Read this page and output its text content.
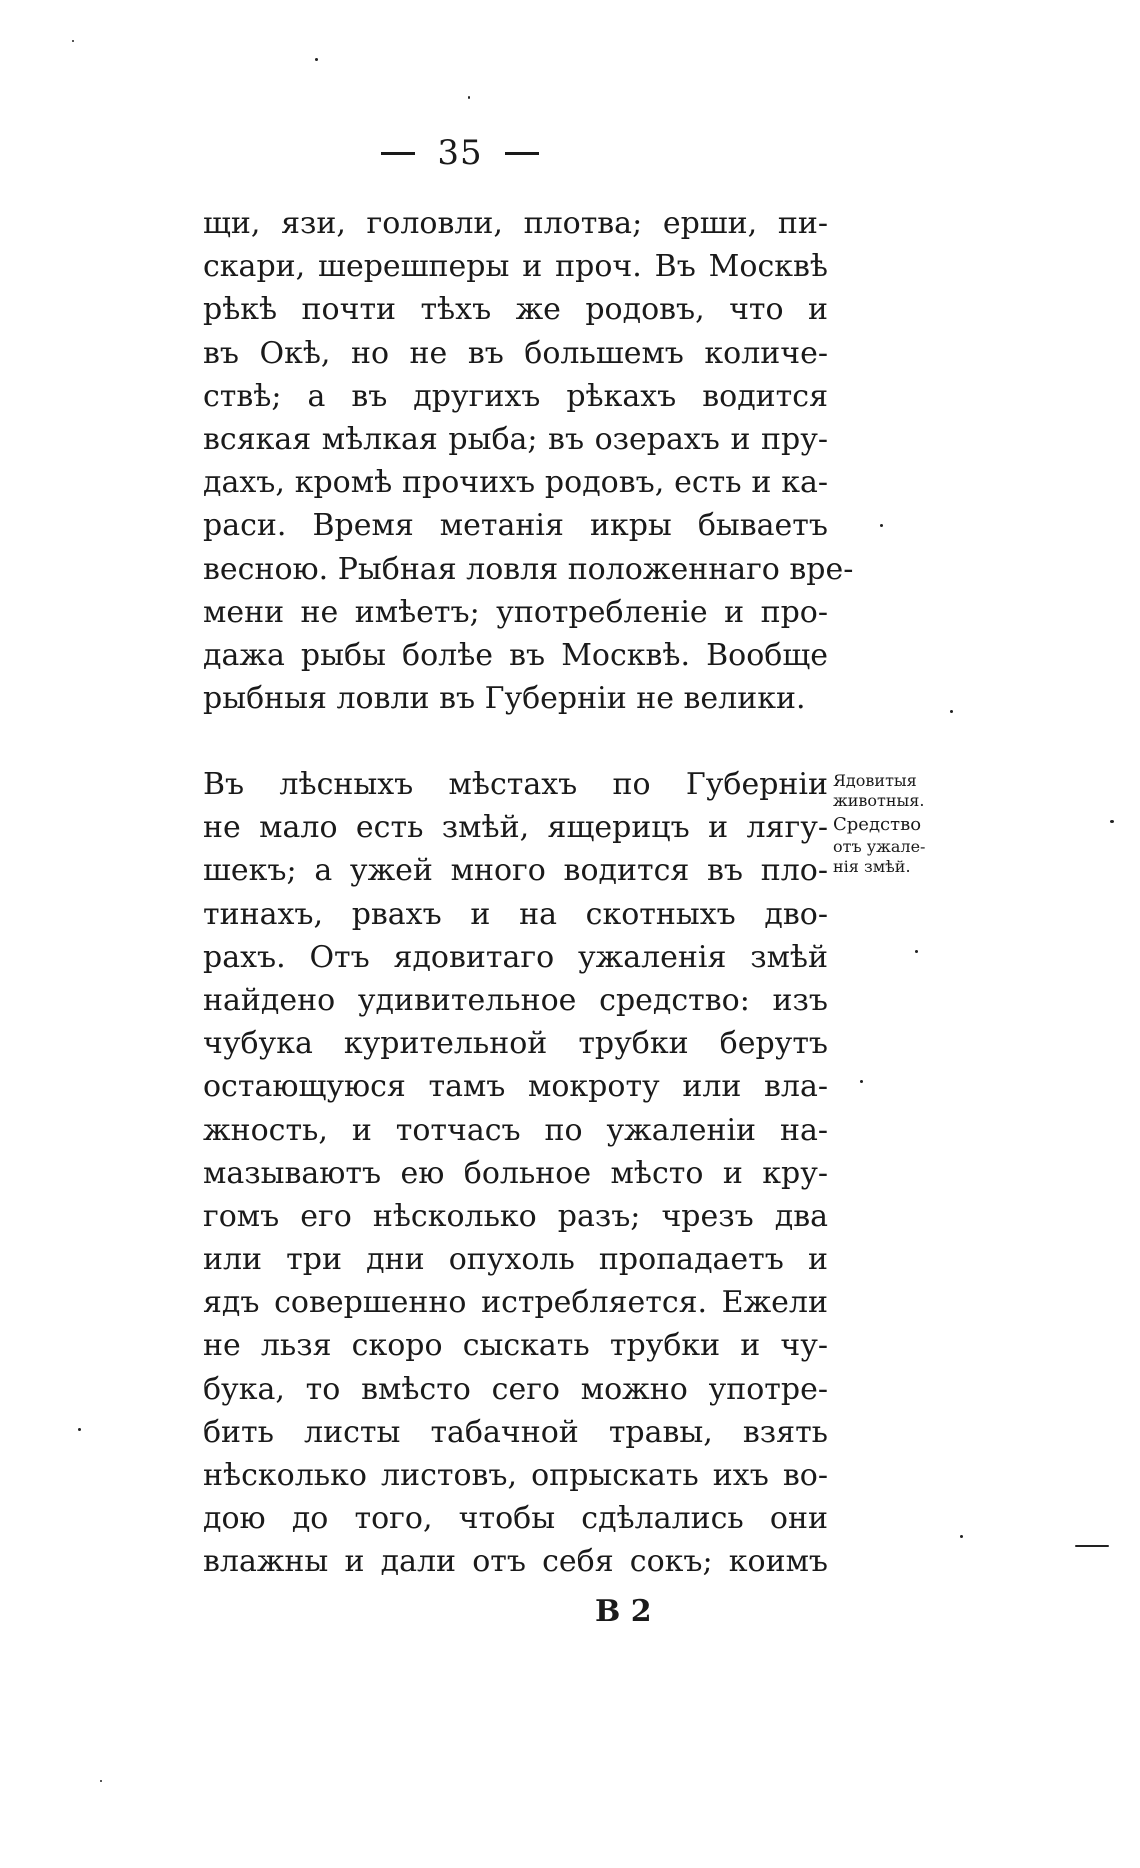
35
щи, язи, головли, плотва; ерши, пи-
скари, шерешперы и проч. Въ Москвѣ
рѣкѣ почти тѣхъ же родовъ, что и
въ Окѣ, но не въ большемъ количе-
ствѣ; а въ другихъ рѣкахъ водится
всякая мѣлкая рыба; въ озерахъ и пру-
дахъ, кромѣ прочихъ родовъ, есть и ка-
раси. Время метанія икры бываетъ
весною. Рыбная ловля положеннаго вре-
мени не имѣетъ; употребленіе и про-
дажа рыбы болѣе въ Москвѣ. Вообще
рыбныя ловли въ Губерніи не велики.
Въ лѣсныхъ мѣстахъ по Губерніи
не мало есть змѣй, ящерицъ и лягу-
шекъ; а ужей много водится въ пло-
тинахъ, рвахъ и на скотныхъ дво-
рахъ. Отъ ядовитаго ужаленія змѣй
найдено удивительное средство: изъ
чубука курительной трубки берутъ
остающуюся тамъ мокроту или вла-
жность, и тотчасъ по ужаленіи на-
мазываютъ ею больное мѣсто и кру-
гомъ его нѣсколько разъ; чрезъ два
или три дни опухоль пропадаетъ и
ядъ совершенно истребляется. Ежели
не льзя скоро сыскать трубки и чу-
бука, то вмѣсто сего можно употре-
бить листы табачной травы, взять
нѣсколько листовъ, опрыскать ихъ во-
дою до того, чтобы сдѣлались они
влажны и дали отъ себя сокъ; коимъ
Ядовитыя
животныя.
Средство
отъ ужале-
нія змѣй.
В 2
